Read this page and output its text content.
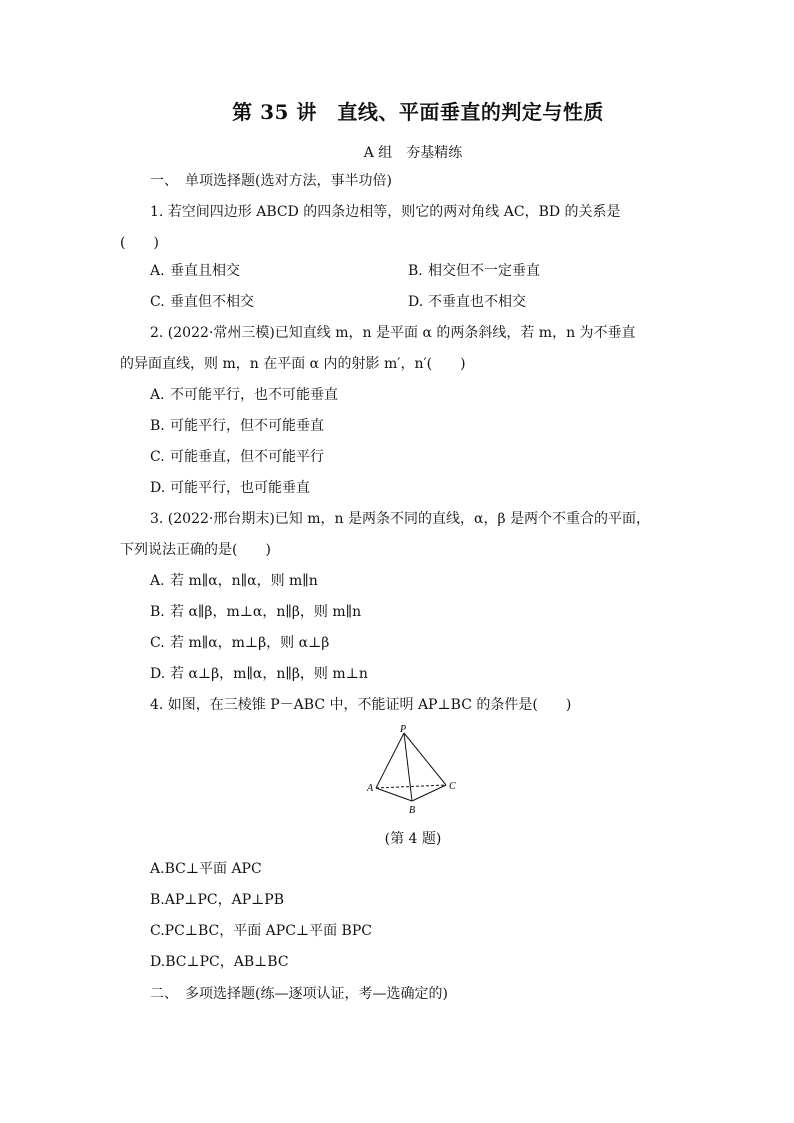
第 35 讲　直线、平面垂直的判定与性质
A 组　夯基精练
一、　单项选择题(选对方法，事半功倍)
1. 若空间四边形 ABCD 的四条边相等，则它的两对角线 AC，BD 的关系是
(　　)
A. 垂直且相交	B. 相交但不一定垂直
C. 垂直但不相交	D. 不垂直也不相交
2. (2022·常州三模)已知直线 m，n 是平面 α 的两条斜线，若 m，n 为不垂直
的异面直线，则 m，n 在平面 α 内的射影 m′，n′(　　)
A. 不可能平行，也不可能垂直
B. 可能平行，但不可能垂直
C. 可能垂直，但不可能平行
D. 可能平行，也可能垂直
3. (2022·邢台期末)已知 m，n 是两条不同的直线，α，β 是两个不重合的平面，
下列说法正确的是(　　)
A. 若 m∥α，n∥α，则 m∥n
B. 若 α∥β，m⊥α，n∥β，则 m∥n
C. 若 m∥α，m⊥β，则 α⊥β
D. 若 α⊥β，m∥α，n∥β，则 m⊥n
4. 如图，在三棱锥 P－ABC 中，不能证明 AP⊥BC 的条件是(　　)
P
A
B
C
(第 4 题)
A.BC⊥平面 APC
B.AP⊥PC，AP⊥PB
C.PC⊥BC，平面 APC⊥平面 BPC
D.BC⊥PC，AB⊥BC
二、　多项选择题(练—逐项认证，考—选确定的)
